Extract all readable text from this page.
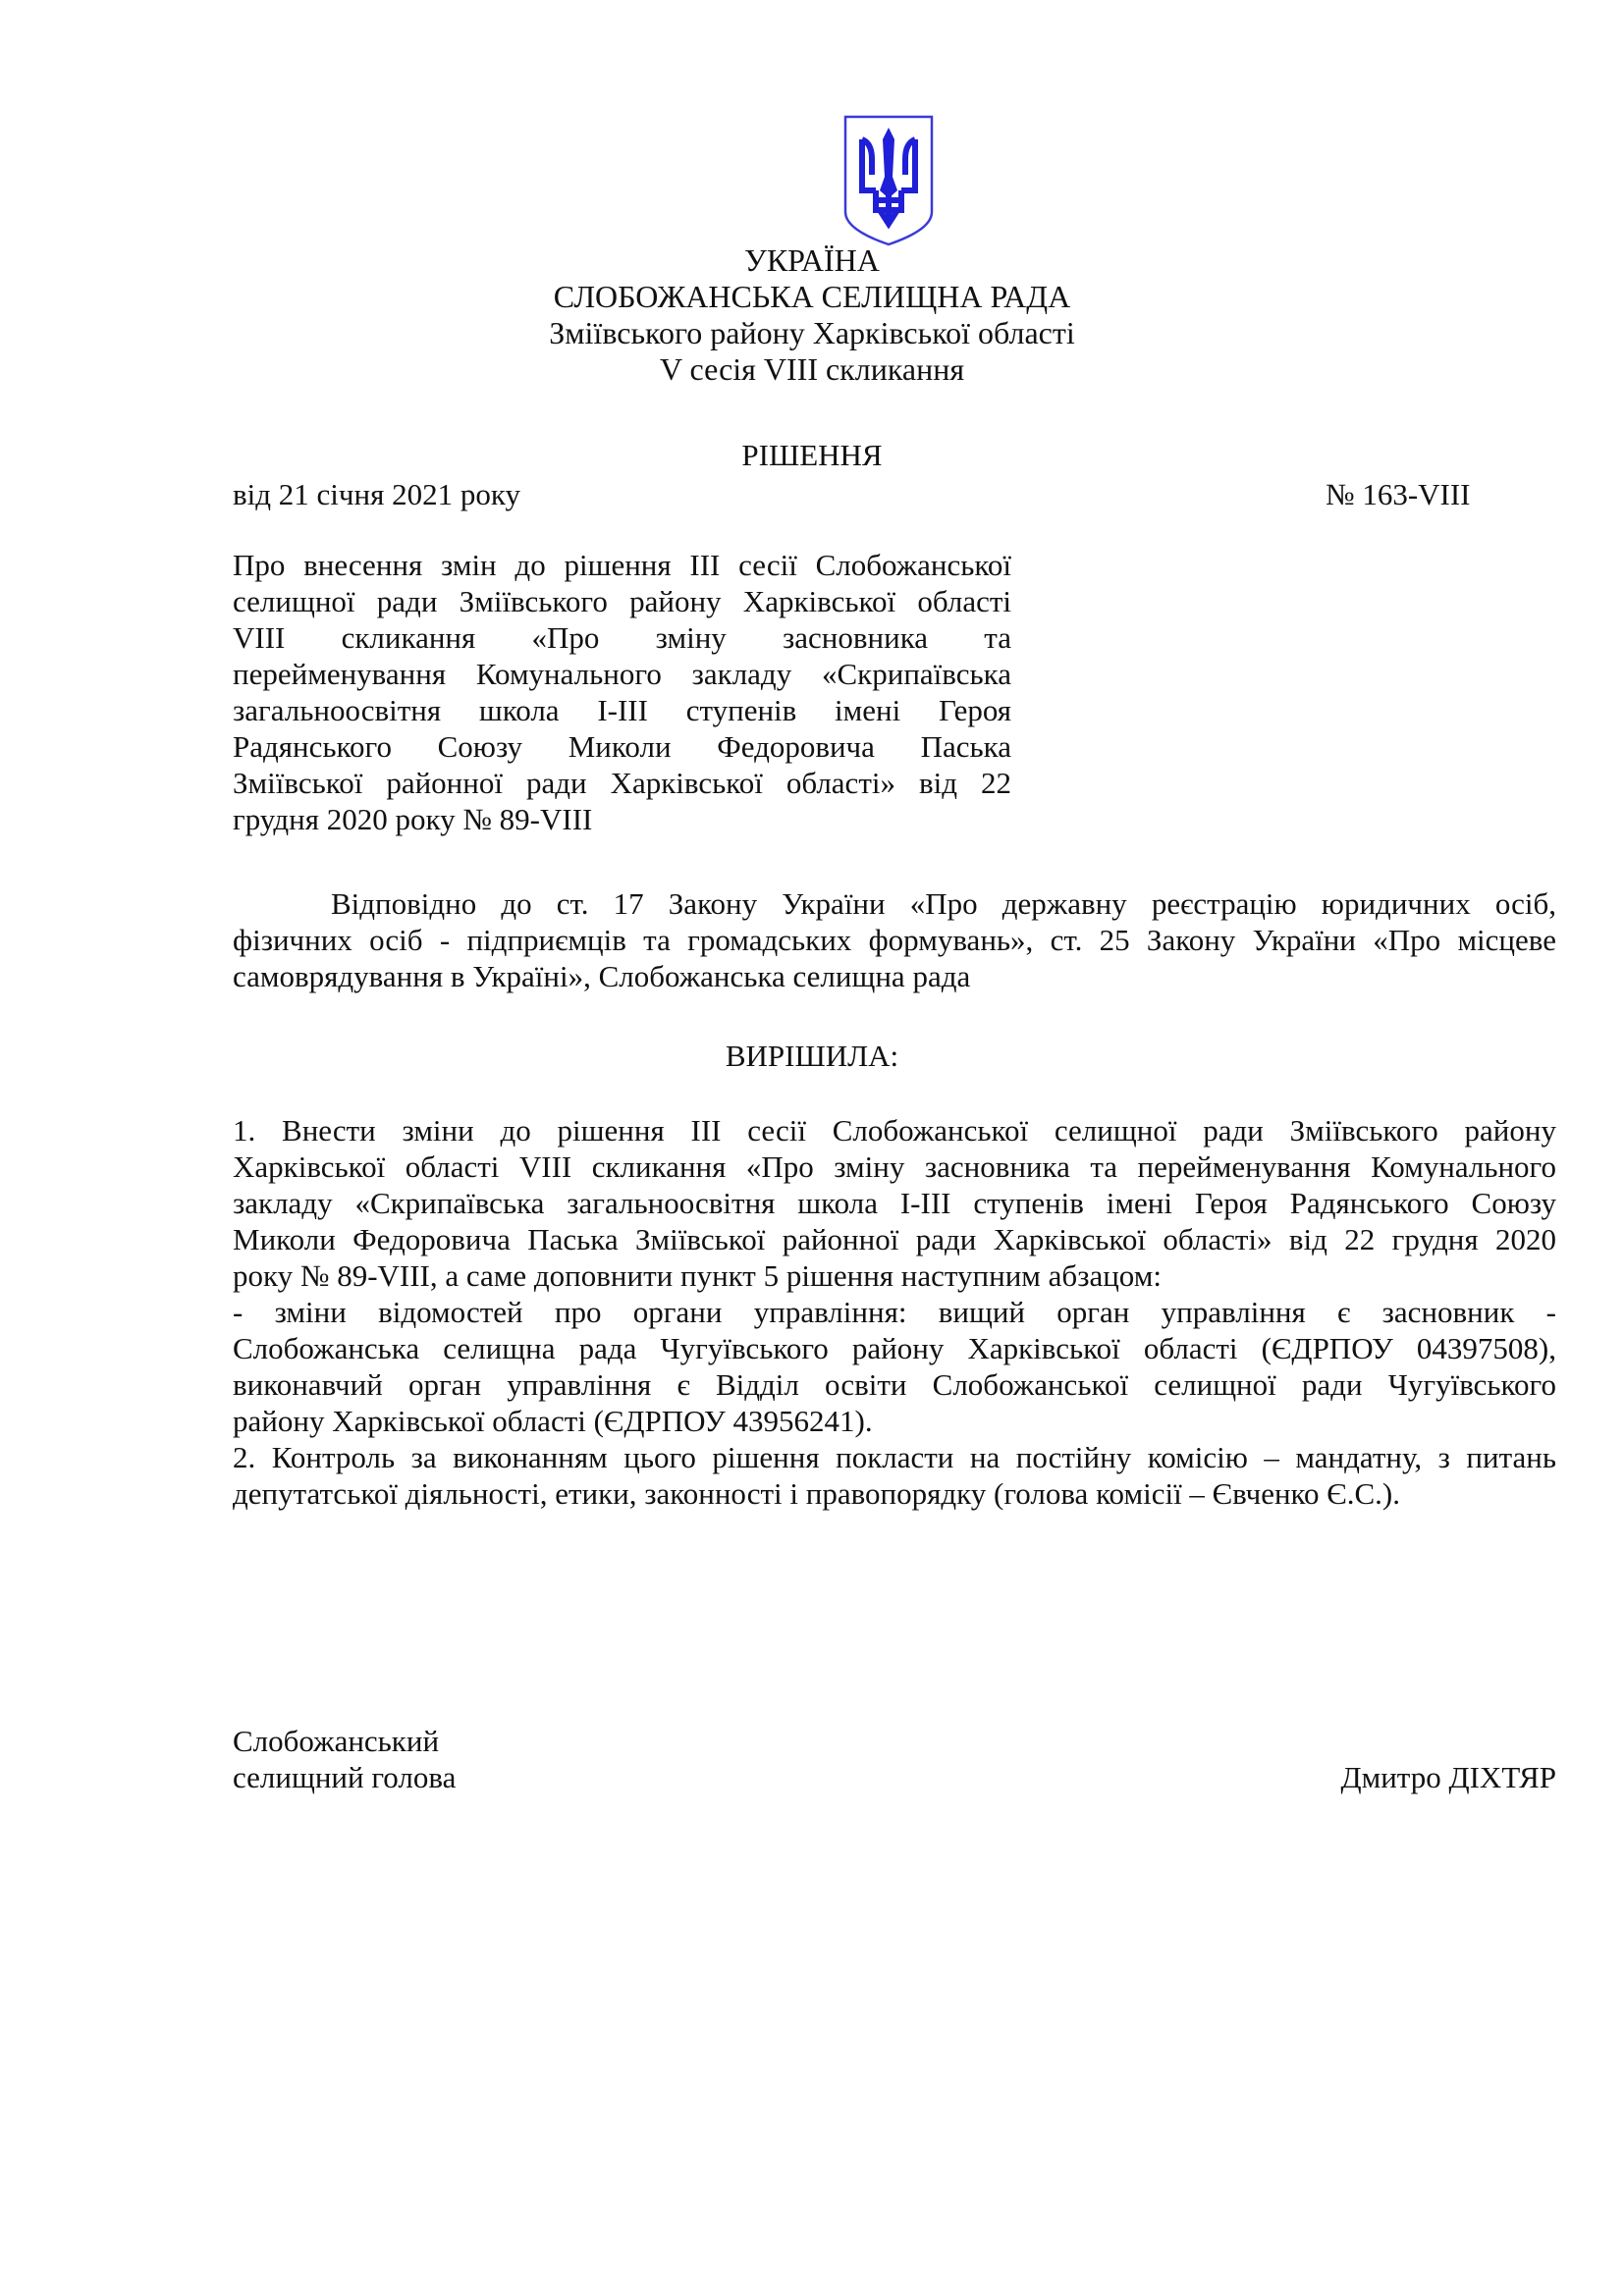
УКРАЇНА
СЛОБОЖАНСЬКА СЕЛИЩНА РАДА
Зміївського району Харківської області
V сесія VIII скликання
РІШЕННЯ
від 21 січня 2021 року	№ 163-VIII
Про внесення змін до рішення ІІІ сесії Слобожанської
селищної ради Зміївського району Харківської області
VIII скликання «Про зміну засновника та
перейменування Комунального закладу «Скрипаївська
загальноосвітня школа І-ІІІ ступенів імені Героя
Радянського Союзу Миколи Федоровича Паська
Зміївської районної ради Харківської області» від 22
грудня 2020 року № 89-VIII
Відповідно до ст. 17 Закону України «Про державну реєстрацію юридичних осіб,
фізичних осіб - підприємців та громадських формувань», ст. 25 Закону України «Про місцеве
самоврядування в Україні», Слобожанська селищна рада
ВИРІШИЛА:
1. Внести зміни до рішення ІІІ сесії Слобожанської селищної ради Зміївського району
Харківської області VIII скликання «Про зміну засновника та перейменування Комунального
закладу «Скрипаївська загальноосвітня школа І-ІІІ ступенів імені Героя Радянського Союзу
Миколи Федоровича Паська Зміївської районної ради Харківської області» від 22 грудня 2020
року № 89-VIII, а саме доповнити пункт 5 рішення наступним абзацом:
- зміни відомостей про органи управління: вищий орган управління є засновник -
Слобожанська селищна рада Чугуївського району Харківської області (ЄДРПОУ 04397508),
виконавчий орган управління є Відділ освіти Слобожанської селищної ради Чугуївського
району Харківської області (ЄДРПОУ 43956241).
2. Контроль за виконанням цього рішення покласти на постійну комісію – мандатну, з питань
депутатської діяльності, етики, законності і правопорядку (голова комісії – Євченко Є.С.).
Слобожанський
селищний голова	Дмитро ДІХТЯР
